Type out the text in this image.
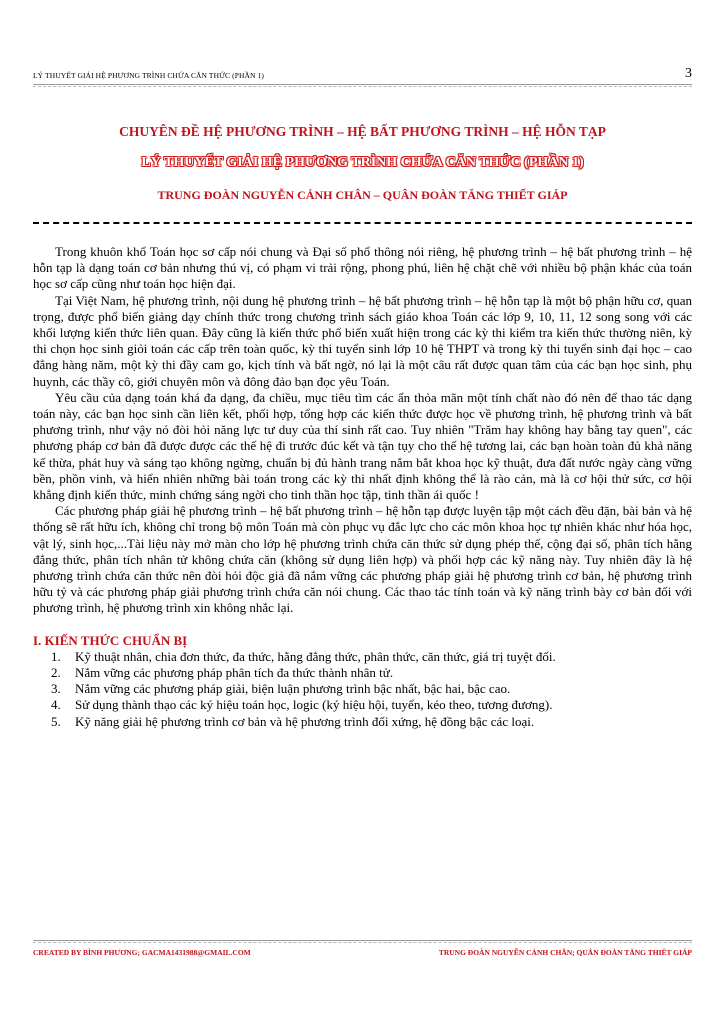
LÝ THUYẾT GIẢI HỆ PHƯƠNG TRÌNH CHỨA CĂN THỨC (PHẦN 1)	3
CHUYÊN ĐỀ HỆ PHƯƠNG TRÌNH – HỆ BẤT PHƯƠNG TRÌNH – HỆ HỖN TẠP
LÝ THUYẾT GIẢI HỆ PHƯƠNG TRÌNH CHỨA CĂN THỨC (PHẦN 1)
TRUNG ĐOÀN NGUYỄN CẢNH CHÂN – QUÂN ĐOÀN TĂNG THIẾT GIÁP

Trong khuôn khổ Toán học sơ cấp nói chung và Đại số phổ thông nói riêng, hệ phương trình – hệ bất phương trình – hệ hỗn tạp là dạng toán cơ bản nhưng thú vị, có phạm vi trải rộng, phong phú, liên hệ chặt chẽ với nhiều bộ phận khác của toán học sơ cấp cũng như toán học hiện đại.

Tại Việt Nam, hệ phương trình, nội dung hệ phương trình – hệ bất phương trình – hệ hỗn tạp là một bộ phận hữu cơ, quan trọng, được phổ biến giảng dạy chính thức trong chương trình sách giáo khoa Toán các lớp 9, 10, 11, 12 song song với các khối lượng kiến thức liên quan. Đây cũng là kiến thức phổ biến xuất hiện trong các kỳ thi kiểm tra kiến thức thường niên, kỳ thi chọn học sinh giỏi toán các cấp trên toàn quốc, kỳ thi tuyển sinh lớp 10 hệ THPT và trong kỳ thi tuyển sinh đại học – cao đẳng hàng năm, một kỳ thi đầy cam go, kịch tính và bất ngờ, nó lại là một câu rất được quan tâm của các bạn học sinh, phụ huynh, các thầy cô, giới chuyên môn và đông đảo bạn đọc yêu Toán.

Yêu cầu của dạng toán khá đa dạng, đa chiều, mục tiêu tìm các ẩn thỏa mãn một tính chất nào đó nên để thao tác dạng toán này, các bạn học sinh cần liên kết, phối hợp, tổng hợp các kiến thức được học về phương trình, hệ phương trình và bất phương trình, như vậy nó đòi hỏi năng lực tư duy của thí sinh rất cao. Tuy nhiên "Trăm hay không hay bằng tay quen", các phương pháp cơ bản đã được được các thế hệ đi trước đúc kết và tận tụy cho thế hệ tương lai, các bạn hoàn toàn đủ khả năng kế thừa, phát huy và sáng tạo không ngừng, chuẩn bị đủ hành trang nắm bắt khoa học kỹ thuật, đưa đất nước ngày càng vững bền, phồn vinh, và hiển nhiên những bài toán trong các kỳ thi nhất định không thể là rào cản, mà là cơ hội thử sức, cơ hội khẳng định kiến thức, minh chứng sáng ngời cho tinh thần học tập, tinh thần ái quốc !

Các phương pháp giải hệ phương trình – hệ bất phương trình – hệ hỗn tạp được luyện tập một cách đều đặn, bài bản và hệ thống sẽ rất hữu ích, không chỉ trong bộ môn Toán mà còn phục vụ đắc lực cho các môn khoa học tự nhiên khác như hóa học, vật lý, sinh học,...Tài liệu này mở màn cho lớp hệ phương trình chứa căn thức sử dụng phép thế, cộng đại số, phân tích hằng đẳng thức, phân tích nhân tử không chứa căn (không sử dụng liên hợp) và phối hợp các kỹ năng này. Tuy nhiên đây là hệ phương trình chứa căn thức nên đòi hỏi độc giả đã nắm vững các phương pháp giải hệ phương trình cơ bản, hệ phương trình hữu tỷ và các phương pháp giải phương trình chứa căn nói chung. Các thao tác tính toán và kỹ năng trình bày cơ bản đối với phương trình, hệ phương trình xin không nhắc lại.

I. KIẾN THỨC CHUẨN BỊ
1. Kỹ thuật nhân, chia đơn thức, đa thức, hằng đẳng thức, phân thức, căn thức, giá trị tuyệt đối.
2. Nắm vững các phương pháp phân tích đa thức thành nhân tử.
3. Nắm vững các phương pháp giải, biện luận phương trình bậc nhất, bậc hai, bậc cao.
4. Sử dụng thành thạo các ký hiệu toán học, logic (ký hiệu hội, tuyển, kéo theo, tương đương).
5. Kỹ năng giải hệ phương trình cơ bản và hệ phương trình đối xứng, hệ đồng bậc các loại.
CREATED BY BÌNH PHƯƠNG; GACMA1431988@GMAIL.COM	TRUNG ĐOÀN NGUYỄN CẢNH CHÂN; QUÂN ĐOÀN TĂNG THIẾT GIÁP
